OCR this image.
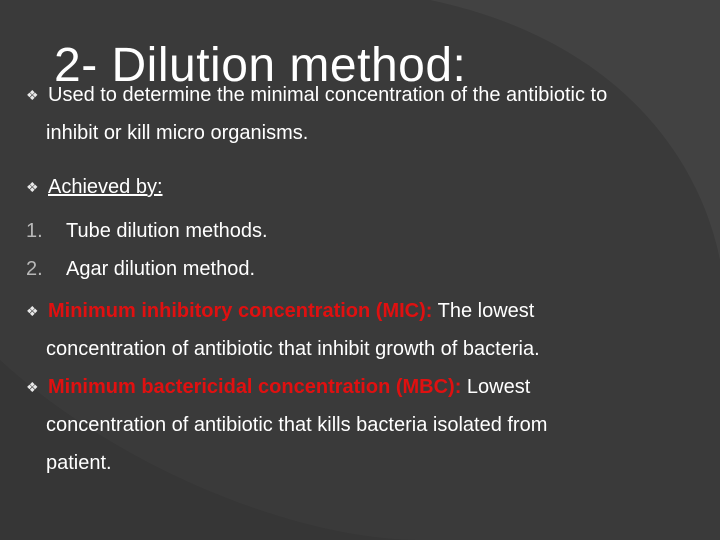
2- Dilution method:
❖ Used to determine the minimal concentration of the antibiotic to
inhibit or kill micro organisms.
❖ Achieved by:
1. Tube dilution methods.
2. Agar dilution method.
❖ Minimum inhibitory concentration (MIC): The lowest
concentration of antibiotic that inhibit growth of bacteria.
❖ Minimum bactericidal concentration (MBC): Lowest
concentration of antibiotic that kills bacteria isolated from
patient.
